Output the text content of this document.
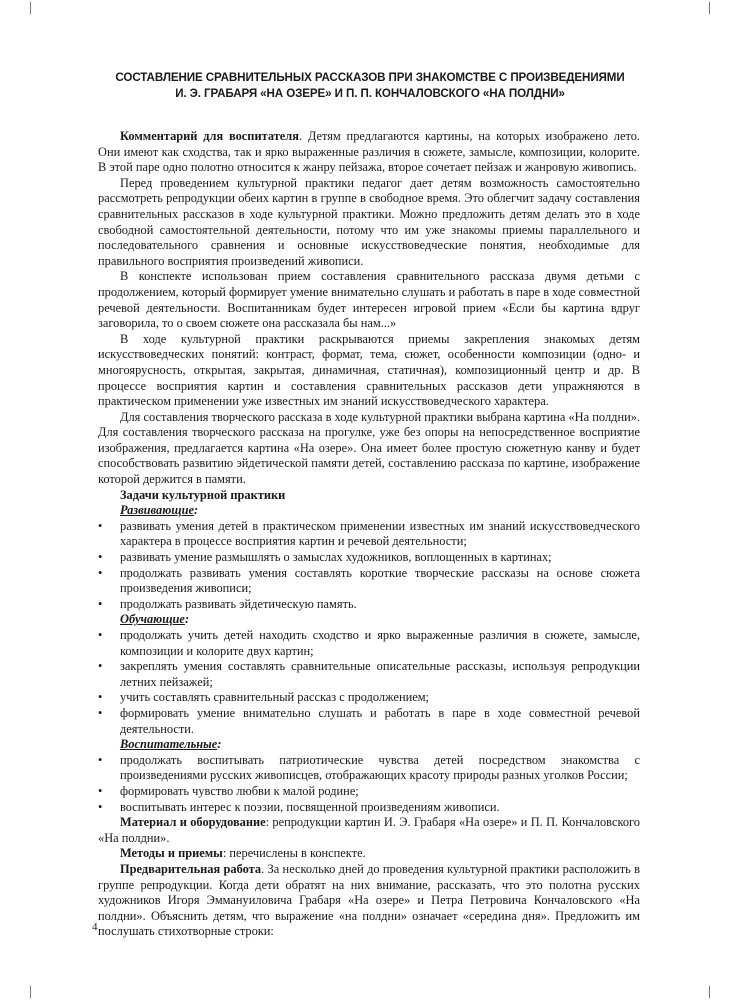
СОСТАВЛЕНИЕ СРАВНИТЕЛЬНЫХ РАССКАЗОВ ПРИ ЗНАКОМСТВЕ С ПРОИЗВЕДЕНИЯМИ
И. Э. ГРАБАРЯ «НА ОЗЕРЕ» И П. П. КОНЧАЛОВСКОГО «НА ПОЛДНИ»

Комментарий для воспитателя. Детям предлагаются картины, на которых изображено лето. Они имеют как сходства, так и ярко выраженные различия в сюжете, замысле, композиции, колорите. В этой паре одно полотно относится к жанру пейзажа, второе сочетает пейзаж и жанровую живопись.

Перед проведением культурной практики педагог дает детям возможность самостоятельно рассмотреть репродукции обеих картин в группе в свободное время. Это облегчит задачу составления сравнительных рассказов в ходе культурной практики. Можно предложить детям делать это в ходе свободной самостоятельной деятельности, потому что им уже знакомы приемы параллельного и последовательного сравнения и основные искусствоведческие понятия, необходимые для правильного восприятия произведений живописи.

В конспекте использован прием составления сравнительного рассказа двумя детьми с продолжением, который формирует умение внимательно слушать и работать в паре в ходе совместной речевой деятельности. Воспитанникам будет интересен игровой прием «Если бы картина вдруг заговорила, то о своем сюжете она рассказала бы нам...»

В ходе культурной практики раскрываются приемы закрепления знакомых детям искусствоведческих понятий: контраст, формат, тема, сюжет, особенности композиции (одно- и многоярусность, открытая, закрытая, динамичная, статичная), композиционный центр и др. В процессе восприятия картин и составления сравнительных рассказов дети упражняются в практическом применении уже известных им знаний искусствоведческого характера.

Для составления творческого рассказа в ходе культурной практики выбрана картина «На полдни». Для составления творческого рассказа на прогулке, уже без опоры на непосредственное восприятие изображения, предлагается картина «На озере». Она имеет более простую сюжетную канву и будет способствовать развитию эйдетической памяти детей, составлению рассказа по картине, изображение которой держится в памяти.

Задачи культурной практики

Развивающие:

• развивать умения детей в практическом применении известных им знаний искусствоведческого характера в процессе восприятия картин и речевой деятельности;
• развивать умение размышлять о замыслах художников, воплощенных в картинах;
• продолжать развивать умения составлять короткие творческие рассказы на основе сюжета произведения живописи;
• продолжать развивать эйдетическую память.

Обучающие:

• продолжать учить детей находить сходство и ярко выраженные различия в сюжете, замысле, композиции и колорите двух картин;
• закреплять умения составлять сравнительные описательные рассказы, используя репродукции летних пейзажей;
• учить составлять сравнительный рассказ с продолжением;
• формировать умение внимательно слушать и работать в паре в ходе совместной речевой деятельности.

Воспитательные:

• продолжать воспитывать патриотические чувства детей посредством знакомства с произведениями русских живописцев, отображающих красоту природы разных уголков России;
• формировать чувство любви к малой родине;
• воспитывать интерес к поэзии, посвященной произведениям живописи.

Материал и оборудование: репродукции картин И. Э. Грабаря «На озере» и П. П. Кончаловского «На полдни».

Методы и приемы: перечислены в конспекте.

Предварительная работа. За несколько дней до проведения культурной практики расположить в группе репродукции. Когда дети обратят на них внимание, рассказать, что это полотна русских художников Игоря Эммануиловича Грабаря «На озере» и Петра Петровича Кончаловского «На полдни». Объяснить детям, что выражение «на полдни» означает «середина дня». Предложить им послушать стихотворные строки:

4
